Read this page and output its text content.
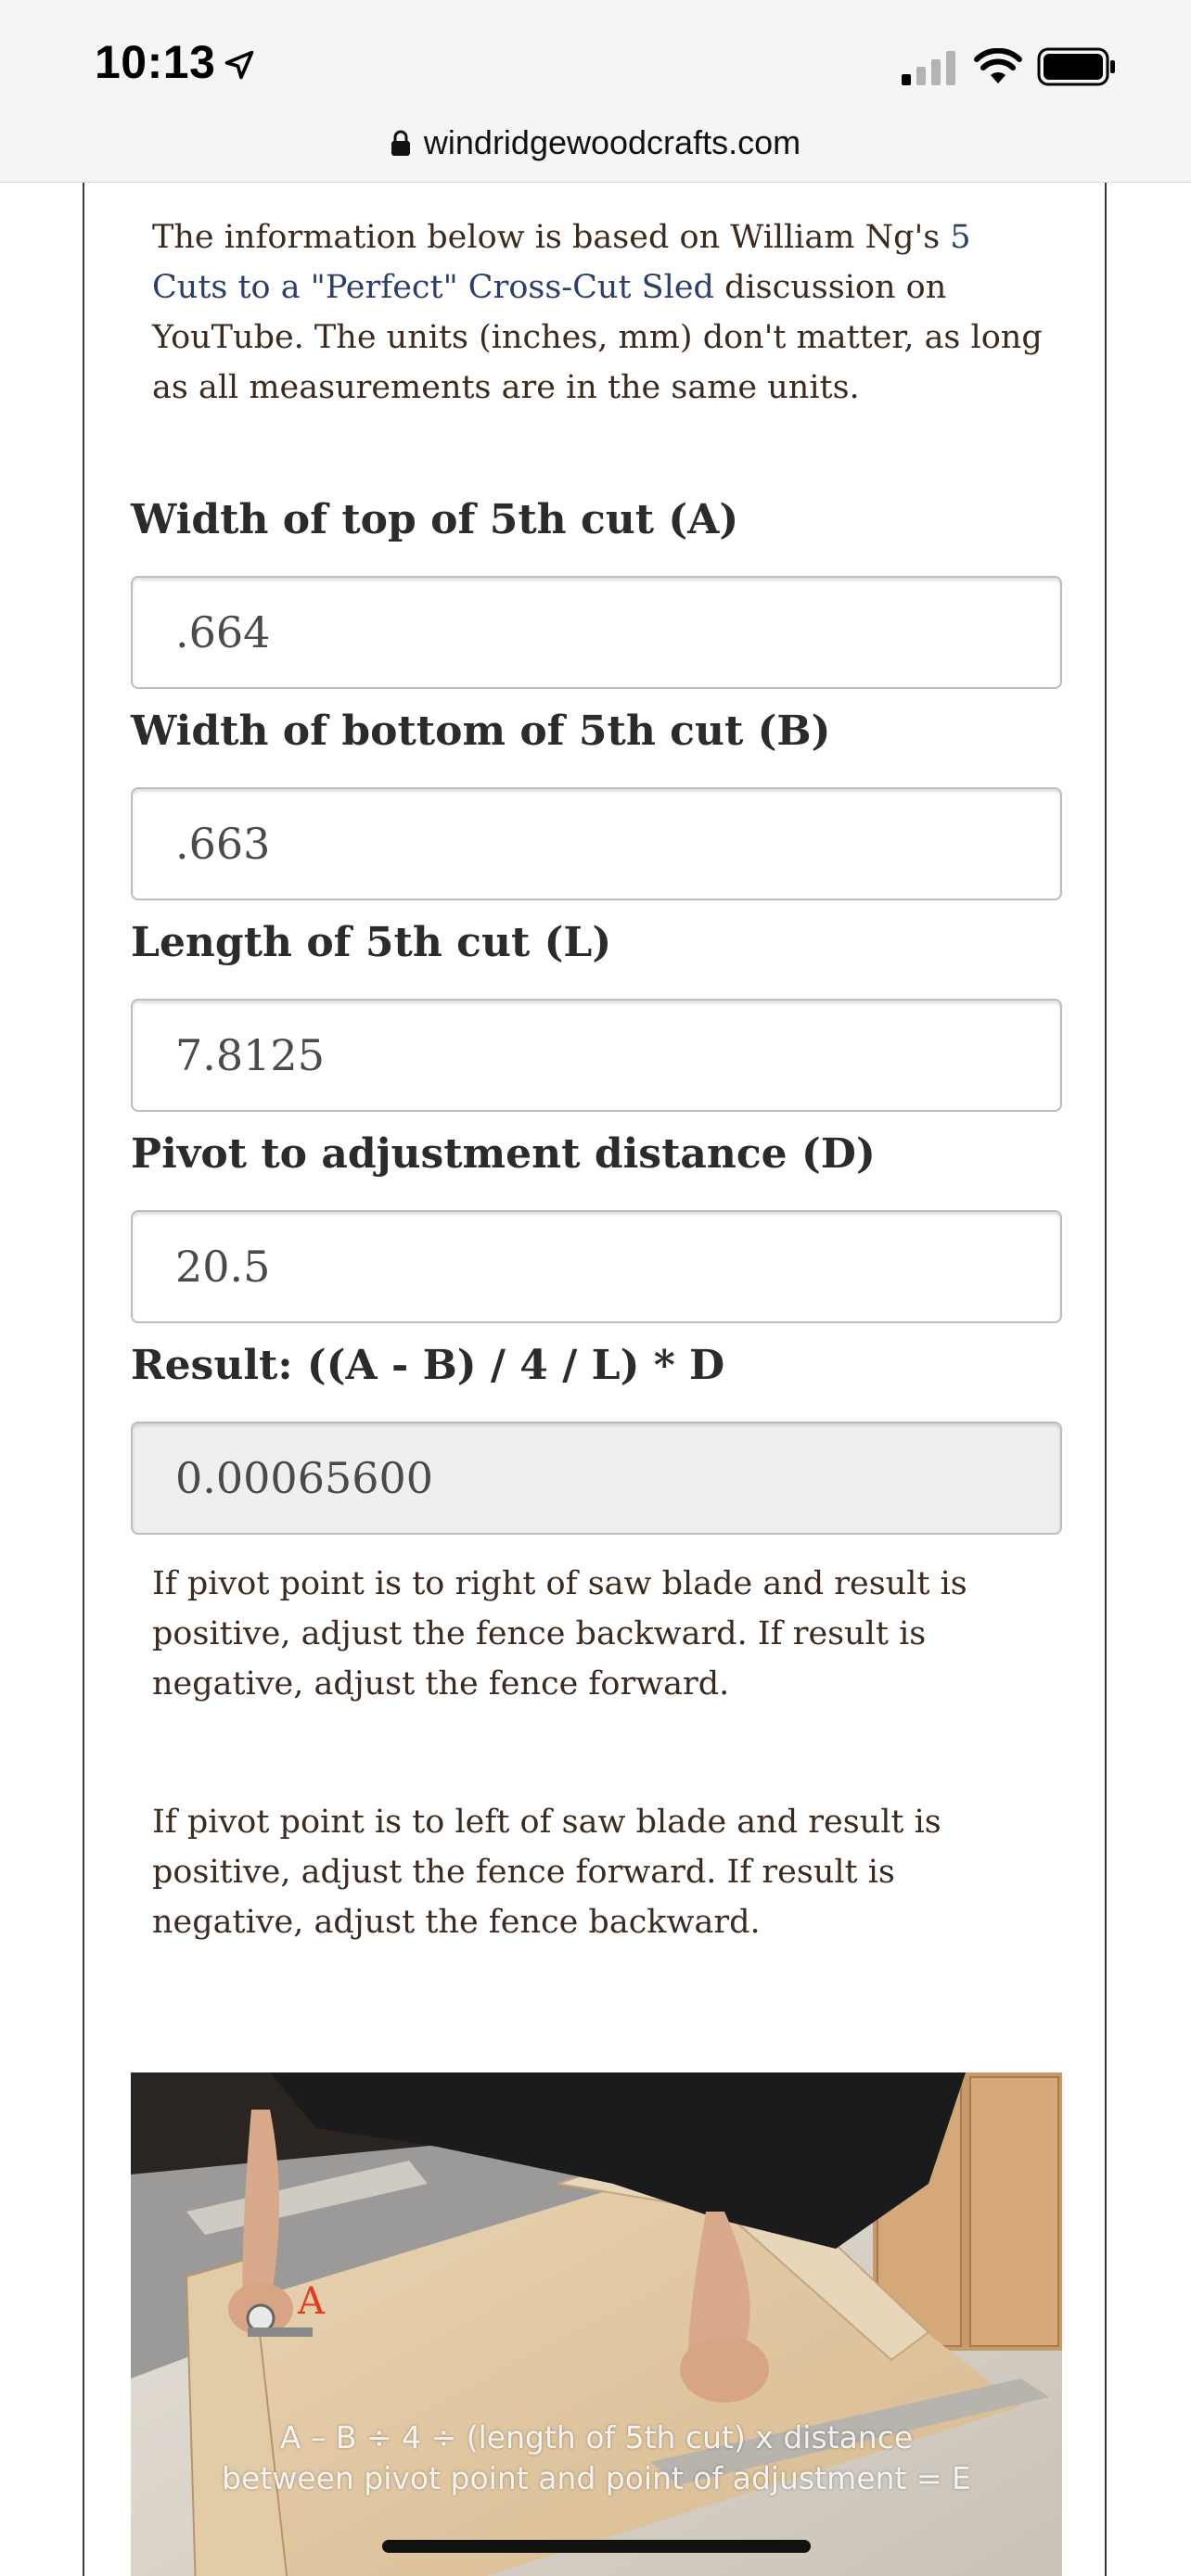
10:13
windridgewoodcrafts.com

The information below is based on William Ng's 5 Cuts to a "Perfect" Cross-Cut Sled discussion on YouTube. The units (inches, mm) don't matter, as long as all measurements are in the same units.

Width of top of 5th cut (A)
.664
Width of bottom of 5th cut (B)
.663
Length of 5th cut (L)
7.8125
Pivot to adjustment distance (D)
20.5
Result: ((A - B) / 4 / L) * D
0.00065600

If pivot point is to right of saw blade and result is positive, adjust the fence backward. If result is negative, adjust the fence forward.

If pivot point is to left of saw blade and result is positive, adjust the fence forward. If result is negative, adjust the fence backward.

A
A – B ÷ 4 ÷ (length of 5th cut) x distance
between pivot point and point of adjustment = E
